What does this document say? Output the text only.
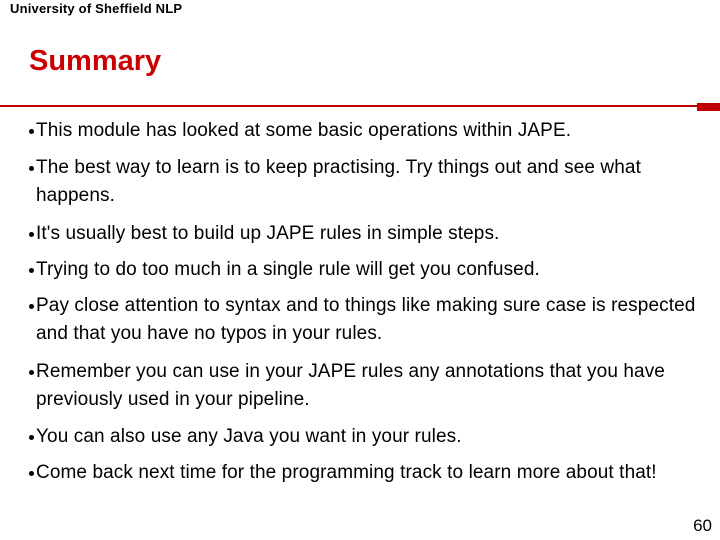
University of Sheffield NLP
Summary
This module has looked at some basic operations within JAPE.
The best way to learn is to keep practising. Try things out and see what happens.
It's usually best to build up JAPE rules in simple steps.
Trying to do too much in a single rule will get you confused.
Pay close attention to syntax and to things like making sure case is respected and that you have no typos in your rules.
Remember you can use in your JAPE rules any annotations that you have previously used in your pipeline.
You can also use any Java you want in your rules.
Come back next time for the programming track to learn more about that!
60
